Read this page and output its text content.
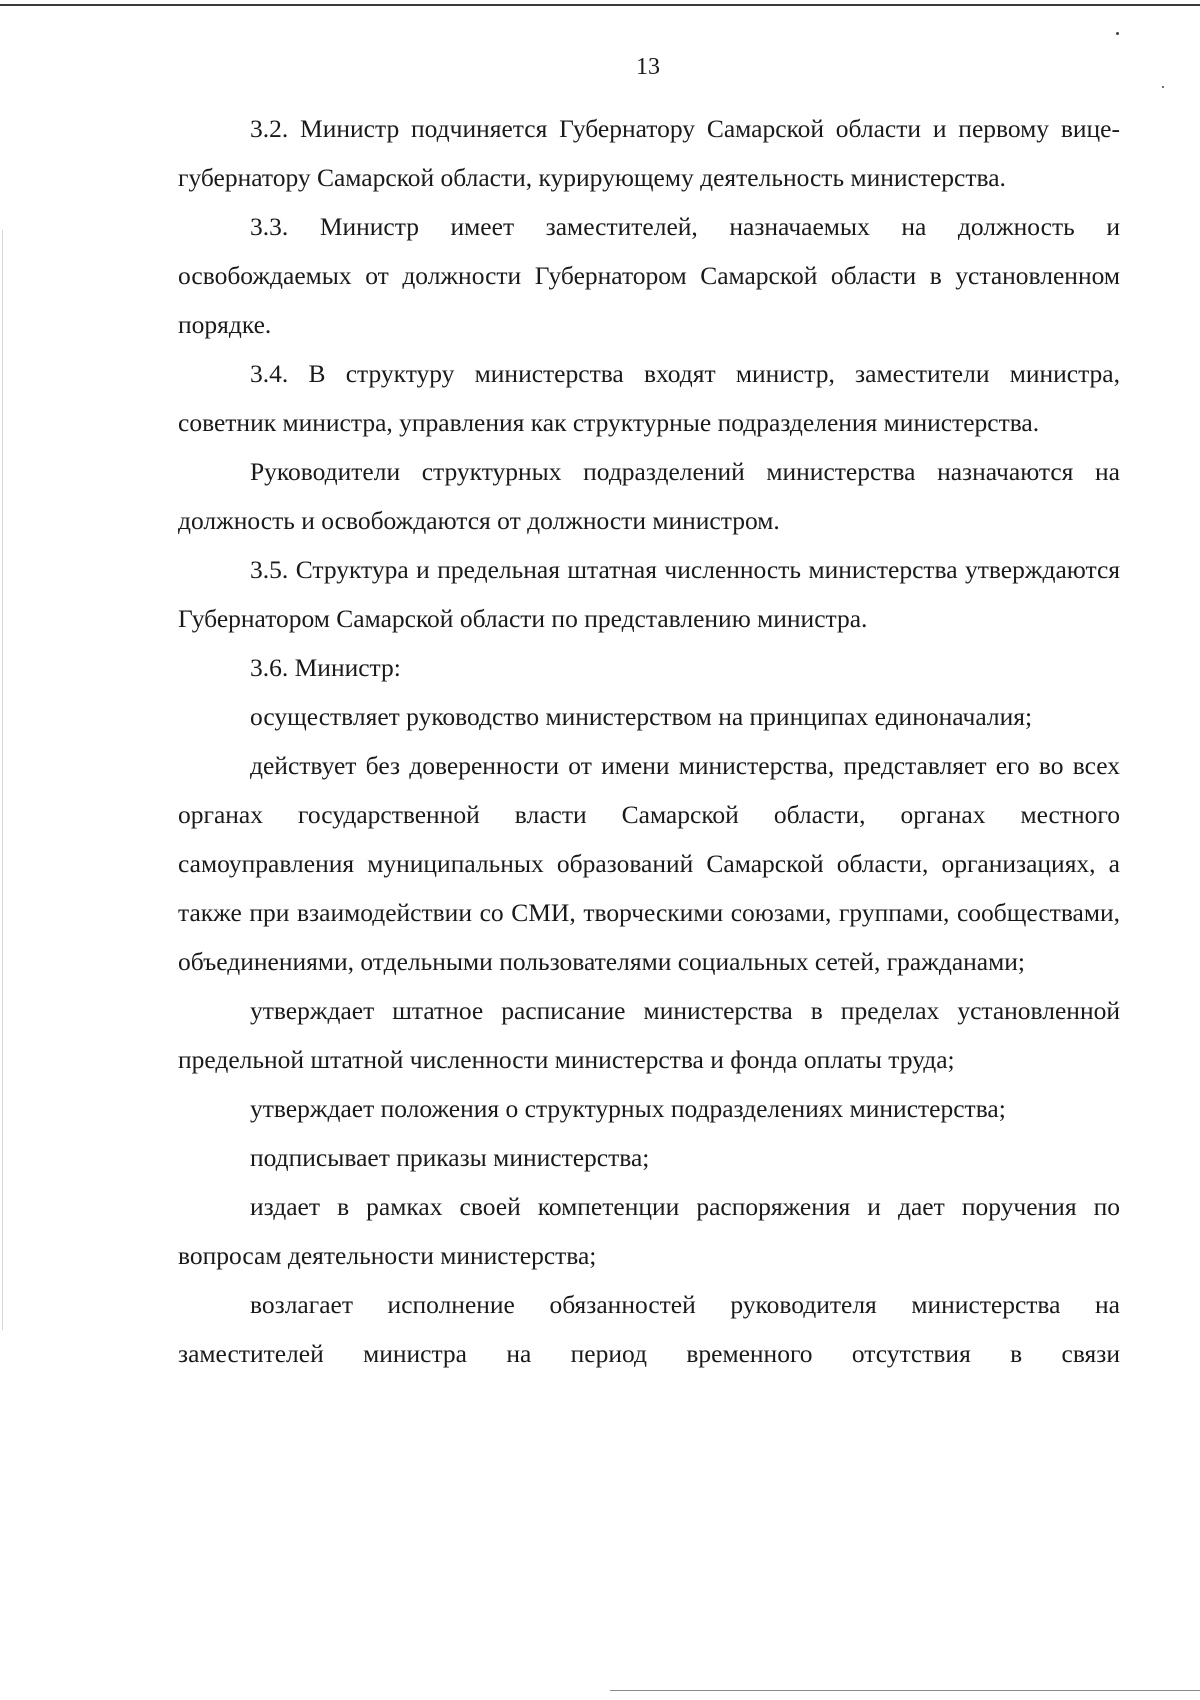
13

3.2. Министр подчиняется Губернатору Самарской области и первому вице-губернатору Самарской области, курирующему деятельность министерства.

3.3. Министр имеет заместителей, назначаемых на должность и освобождаемых от должности Губернатором Самарской области в установленном порядке.

3.4. В структуру министерства входят министр, заместители министра, советник министра, управления как структурные подразделения министерства.

Руководители структурных подразделений министерства назначаются на должность и освобождаются от должности министром.

3.5. Структура и предельная штатная численность министерства утверждаются Губернатором Самарской области по представлению министра.

3.6. Министр:

осуществляет руководство министерством на принципах единоначалия;

действует без доверенности от имени министерства, представляет его во всех органах государственной власти Самарской области, органах местного самоуправления муниципальных образований Самарской области, организациях, а также при взаимодействии со СМИ, творческими союзами, группами, сообществами, объединениями, отдельными пользователями социальных сетей, гражданами;

утверждает штатное расписание министерства в пределах установленной предельной штатной численности министерства и фонда оплаты труда;

утверждает положения о структурных подразделениях министерства;

подписывает приказы министерства;

издает в рамках своей компетенции распоряжения и дает поручения по вопросам деятельности министерства;

возлагает исполнение обязанностей руководителя министерства на заместителей министра на период временного отсутствия в связи
